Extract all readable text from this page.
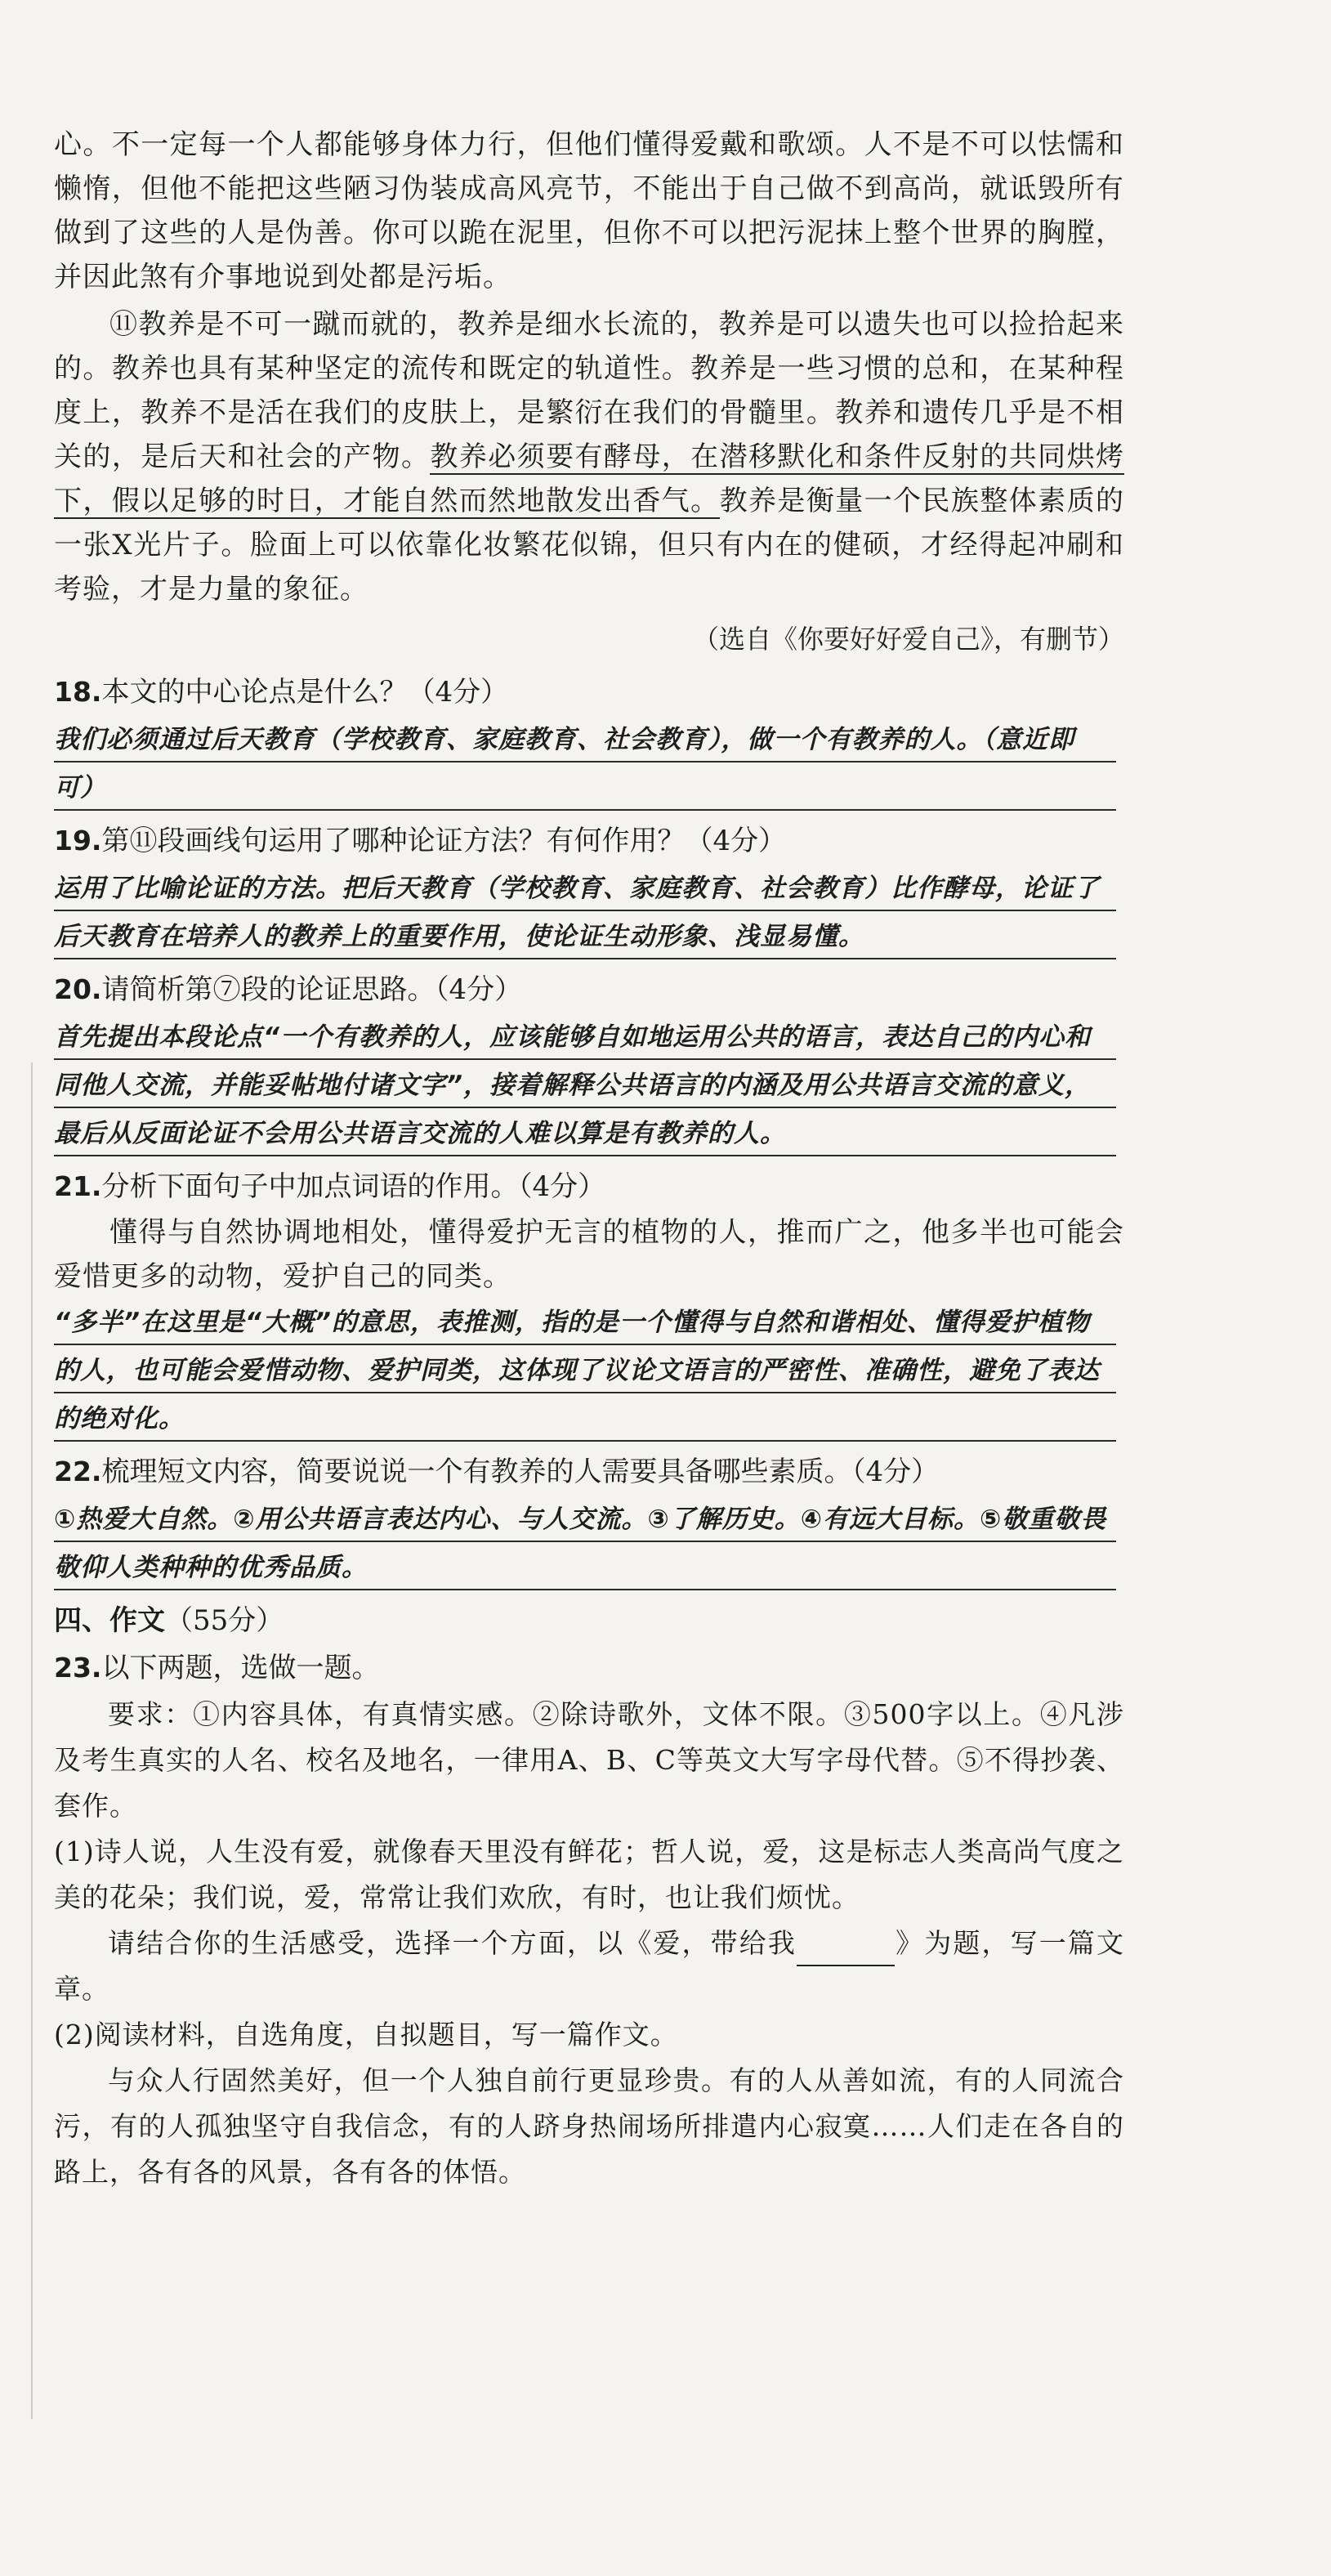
心。不一定每一个人都能够身体力行，但他们懂得爱戴和歌颂。人不是不可以怯懦和懒惰，但他不能把这些陋习伪装成高风亮节，不能出于自己做不到高尚，就诋毁所有做到了这些的人是伪善。你可以跪在泥里，但你不可以把污泥抹上整个世界的胸膛，并因此煞有介事地说到处都是污垢。

⑪教养是不可一蹴而就的，教养是细水长流的，教养是可以遗失也可以捡拾起来的。教养也具有某种坚定的流传和既定的轨道性。教养是一些习惯的总和，在某种程度上，教养不是活在我们的皮肤上，是繁衍在我们的骨髓里。教养和遗传几乎是不相关的，是后天和社会的产物。教养必须要有酵母，在潜移默化和条件反射的共同烘烤下，假以足够的时日，才能自然而然地散发出香气。教养是衡量一个民族整体素质的一张X光片子。脸面上可以依靠化妆繁花似锦，但只有内在的健硕，才经得起冲刷和考验，才是力量的象征。

（选自《你要好好爱自己》，有删节）
18.本文的中心论点是什么？（4分）
我们必须通过后天教育（学校教育、家庭教育、社会教育），做一个有教养的人。（意近即可）
19.第⑪段画线句运用了哪种论证方法？有何作用？（4分）
运用了比喻论证的方法。把后天教育（学校教育、家庭教育、社会教育）比作酵母，论证了后天教育在培养人的教养上的重要作用，使论证生动形象、浅显易懂。
20.请简析第⑦段的论证思路。（4分）
首先提出本段论点“一个有教养的人，应该能够自如地运用公共的语言，表达自己的内心和同他人交流，并能妥帖地付诸文字”，接着解释公共语言的内涵及用公共语言交流的意义，最后从反面论证不会用公共语言交流的人难以算是有教养的人。
21.分析下面句子中加点词语的作用。（4分）

懂得与自然协调地相处，懂得爱护无言的植物的人，推而广之，他多半也可能会爱惜更多的动物，爱护自己的同类。

“多半”在这里是“大概”的意思，表推测，指的是一个懂得与自然和谐相处、懂得爱护植物的人，也可能会爱惜动物、爱护同类，这体现了议论文语言的严密性、准确性，避免了表达的绝对化。
22.梳理短文内容，简要说说一个有教养的人需要具备哪些素质。（4分）
①热爱大自然。②用公共语言表达内心、与人交流。③了解历史。④有远大目标。⑤敬重敬畏敬仰人类种种的优秀品质。
四、作文（55分）
23.以下两题，选做一题。

要求：①内容具体，有真情实感。②除诗歌外，文体不限。③500字以上。④凡涉及考生真实的人名、校名及地名，一律用A、B、C等英文大写字母代替。⑤不得抄袭、套作。

(1)诗人说，人生没有爱，就像春天里没有鲜花；哲人说，爱，这是标志人类高尚气度之美的花朵；我们说，爱，常常让我们欢欣，有时，也让我们烦忧。

请结合你的生活感受，选择一个方面，以《爱，带给我	》为题，写一篇文章。

(2)阅读材料，自选角度，自拟题目，写一篇作文。

与众人行固然美好，但一个人独自前行更显珍贵。有的人从善如流，有的人同流合污，有的人孤独坚守自我信念，有的人跻身热闹场所排遣内心寂寞……人们走在各自的路上，各有各的风景，各有各的体悟。
